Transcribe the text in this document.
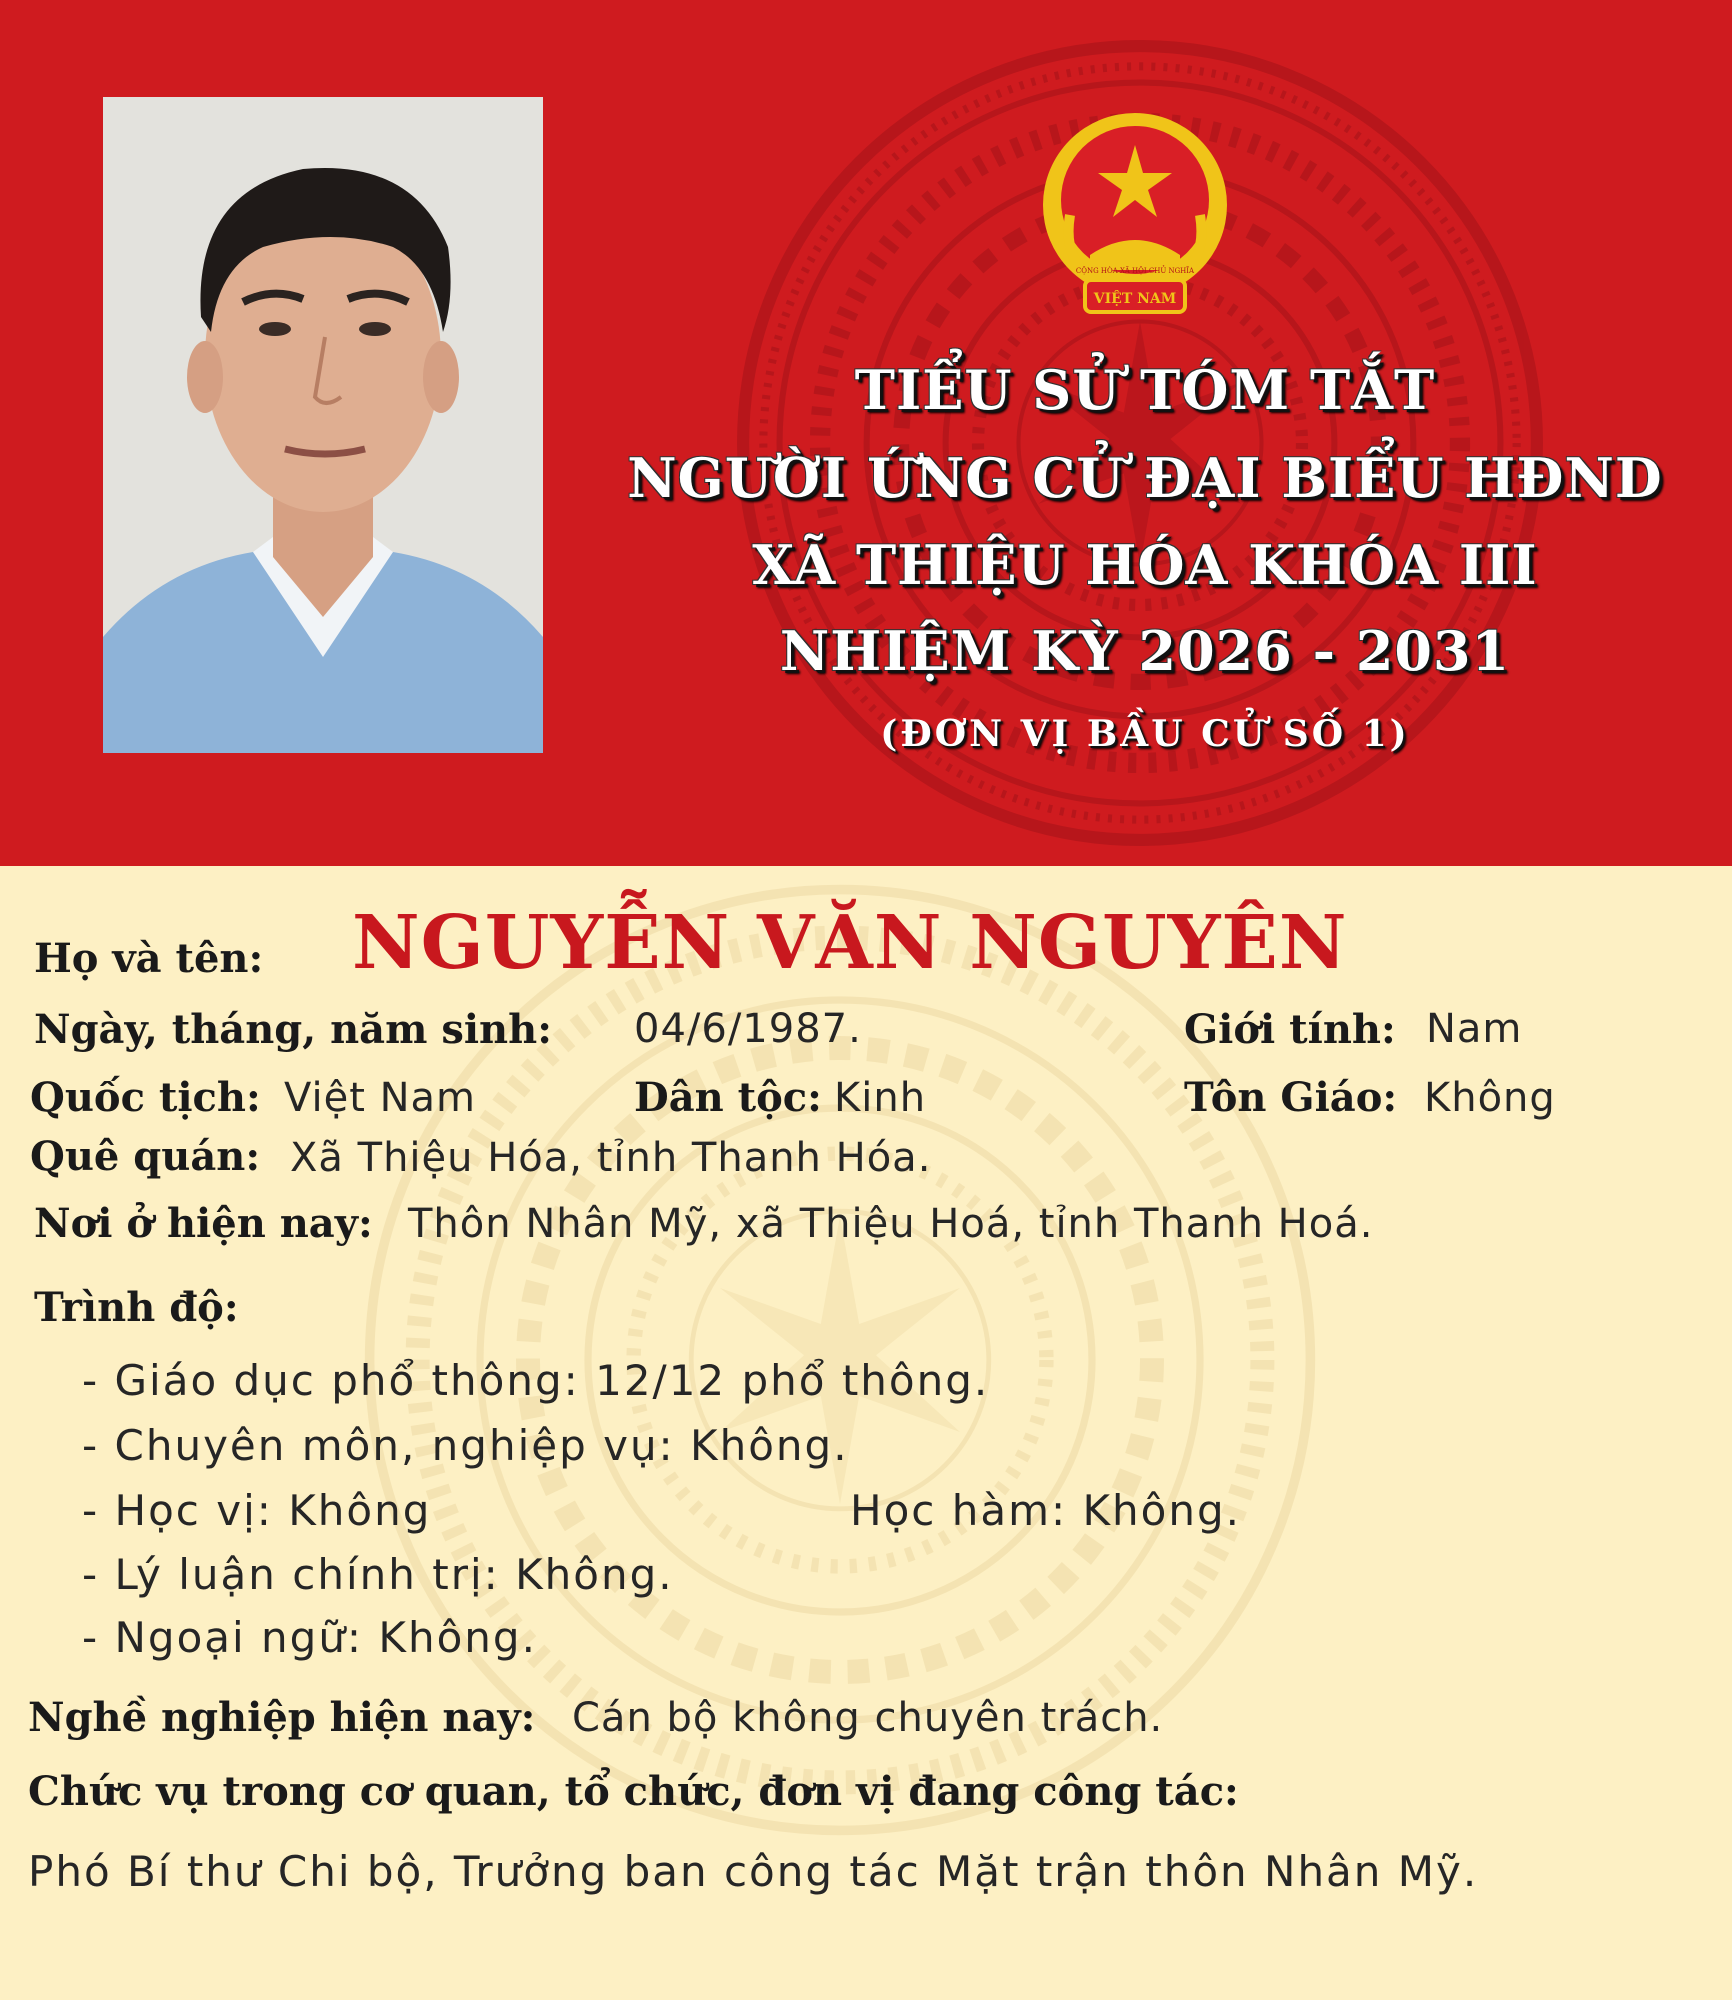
CỘNG HÒA XÃ HỘI CHỦ NGHĨA
VIỆT NAM
TIỂU SỬ TÓM TẮT
NGƯỜI ỨNG CỬ ĐẠI BIỂU HĐND
XÃ THIỆU HÓA KHÓA III
NHIỆM KỲ 2026 - 2031
(ĐƠN VỊ BẦU CỬ SỐ 1)
Họ và tên: NGUYỄN VĂN NGUYÊN
Ngày, tháng, năm sinh: 04/6/1987.	Giới tính: Nam
Quốc tịch: Việt Nam	Dân tộc: Kinh	Tôn Giáo: Không
Quê quán: Xã Thiệu Hóa, tỉnh Thanh Hóa.
Nơi ở hiện nay: Thôn Nhân Mỹ, xã Thiệu Hoá, tỉnh Thanh Hoá.
Trình độ:
- Giáo dục phổ thông: 12/12 phổ thông.
- Chuyên môn, nghiệp vụ: Không.
- Học vị: Không	Học hàm: Không.
- Lý luận chính trị: Không.
- Ngoại ngữ: Không.
Nghề nghiệp hiện nay: Cán bộ không chuyên trách.
Chức vụ trong cơ quan, tổ chức, đơn vị đang công tác:
Phó Bí thư Chi bộ, Trưởng ban công tác Mặt trận thôn Nhân Mỹ.
